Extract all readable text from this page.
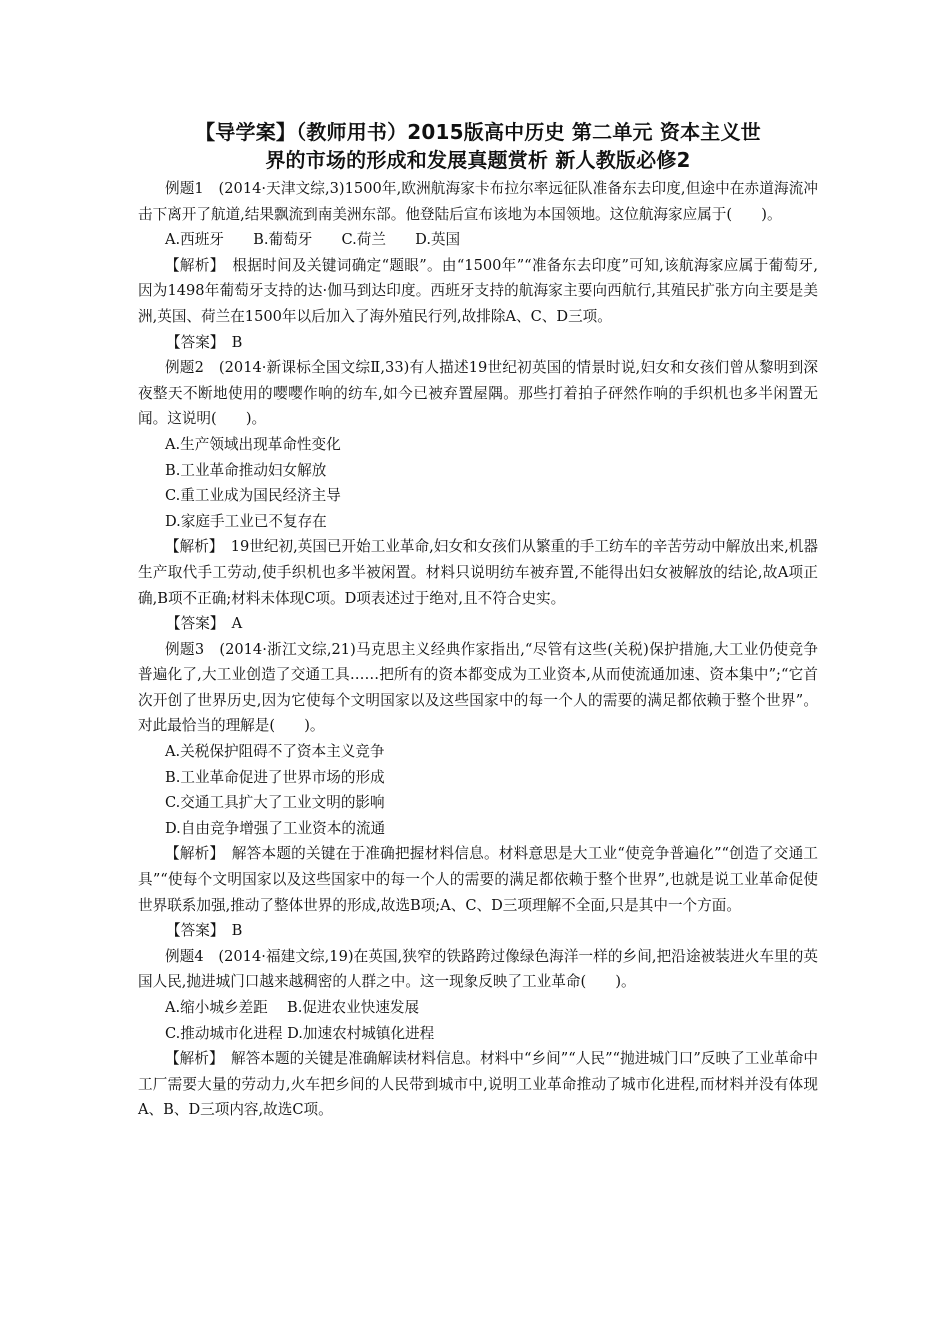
【导学案】（教师用书）2015版高中历史 第二单元 资本主义世
界的市场的形成和发展真题赏析 新人教版必修2

例题1　(2014·天津文综,3)1500年,欧洲航海家卡布拉尔率远征队准备东去印度,但途中在赤道海流冲击下离开了航道,结果飘流到南美洲东部。他登陆后宣布该地为本国领地。这位航海家应属于(　　)。

A.西班牙　　B.葡萄牙　　C.荷兰　　D.英国

【解析】　根据时间及关键词确定“题眼”。由“1500年”“准备东去印度”可知,该航海家应属于葡萄牙,因为1498年葡萄牙支持的达·伽马到达印度。西班牙支持的航海家主要向西航行,其殖民扩张方向主要是美洲,英国、荷兰在1500年以后加入了海外殖民行列,故排除A、C、D三项。

【答案】　B

例题2　(2014·新课标全国文综Ⅱ,33)有人描述19世纪初英国的情景时说,妇女和女孩们曾从黎明到深夜整天不断地使用的嘤嘤作响的纺车,如今已被弃置屋隅。那些打着拍子砰然作响的手织机也多半闲置无闻。这说明(　　)。

A.生产领域出现革命性变化

B.工业革命推动妇女解放

C.重工业成为国民经济主导

D.家庭手工业已不复存在

【解析】　19世纪初,英国已开始工业革命,妇女和女孩们从繁重的手工纺车的辛苦劳动中解放出来,机器生产取代手工劳动,使手织机也多半被闲置。材料只说明纺车被弃置,不能得出妇女被解放的结论,故A项正确,B项不正确;材料未体现C项。D项表述过于绝对,且不符合史实。

【答案】　A

例题3　(2014·浙江文综,21)马克思主义经典作家指出,“尽管有这些(关税)保护措施,大工业仍使竞争普遍化了,大工业创造了交通工具……把所有的资本都变成为工业资本,从而使流通加速、资本集中”;“它首次开创了世界历史,因为它使每个文明国家以及这些国家中的每一个人的需要的满足都依赖于整个世界”。对此最恰当的理解是(　　)。

A.关税保护阻碍不了资本主义竞争

B.工业革命促进了世界市场的形成

C.交通工具扩大了工业文明的影响

D.自由竞争增强了工业资本的流通

【解析】　解答本题的关键在于准确把握材料信息。材料意思是大工业“使竞争普遍化”“创造了交通工具”“使每个文明国家以及这些国家中的每一个人的需要的满足都依赖于整个世界”,也就是说工业革命促使世界联系加强,推动了整体世界的形成,故选B项;A、C、D三项理解不全面,只是其中一个方面。

【答案】　B

例题4　(2014·福建文综,19)在英国,狭窄的铁路跨过像绿色海洋一样的乡间,把沿途被装进火车里的英国人民,抛进城门口越来越稠密的人群之中。这一现象反映了工业革命(　　)。

A.缩小城乡差距　 B.促进农业快速发展

C.推动城市化进程 D.加速农村城镇化进程

【解析】　解答本题的关键是准确解读材料信息。材料中“乡间”“人民”“抛进城门口”反映了工业革命中工厂需要大量的劳动力,火车把乡间的人民带到城市中,说明工业革命推动了城市化进程,而材料并没有体现A、B、D三项内容,故选C项。
